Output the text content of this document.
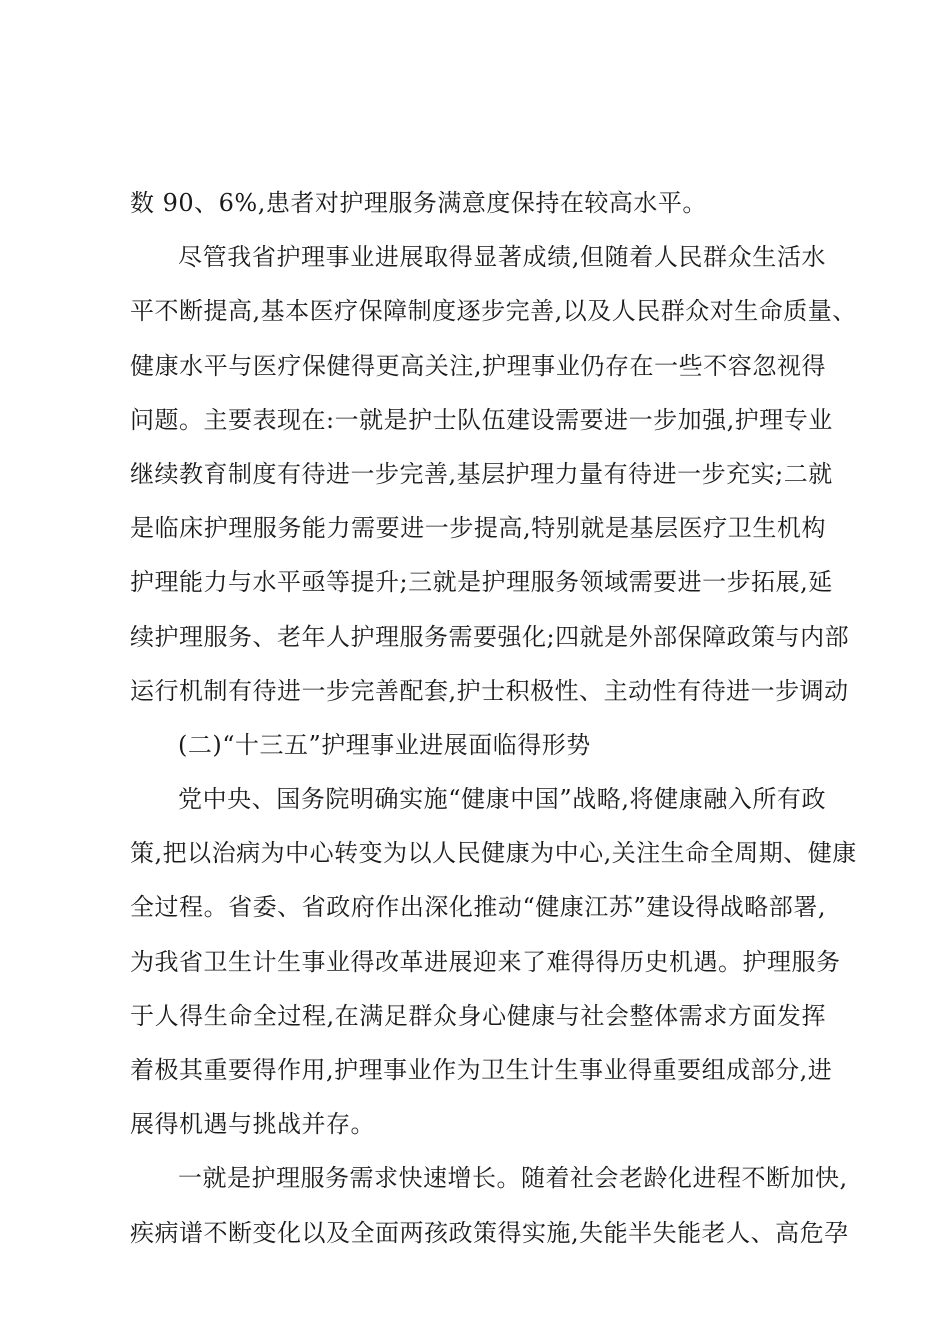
数 90、6%,患者对护理服务满意度保持在较高水平。
尽管我省护理事业进展取得显著成绩,但随着人民群众生活水
平不断提高,基本医疗保障制度逐步完善,以及人民群众对生命质量、
健康水平与医疗保健得更高关注,护理事业仍存在一些不容忽视得
问题。主要表现在:一就是护士队伍建设需要进一步加强,护理专业
继续教育制度有待进一步完善,基层护理力量有待进一步充实;二就
是临床护理服务能力需要进一步提高,特别就是基层医疗卫生机构
护理能力与水平亟等提升;三就是护理服务领域需要进一步拓展,延
续护理服务、老年人护理服务需要强化;四就是外部保障政策与内部
运行机制有待进一步完善配套,护士积极性、主动性有待进一步调动
(二)“十三五”护理事业进展面临得形势
党中央、国务院明确实施“健康中国”战略,将健康融入所有政
策,把以治病为中心转变为以人民健康为中心,关注生命全周期、健康
全过程。省委、省政府作出深化推动“健康江苏”建设得战略部署,
为我省卫生计生事业得改革进展迎来了难得得历史机遇。护理服务
于人得生命全过程,在满足群众身心健康与社会整体需求方面发挥
着极其重要得作用,护理事业作为卫生计生事业得重要组成部分,进
展得机遇与挑战并存。
一就是护理服务需求快速增长。随着社会老龄化进程不断加快,
疾病谱不断变化以及全面两孩政策得实施,失能半失能老人、高危孕
